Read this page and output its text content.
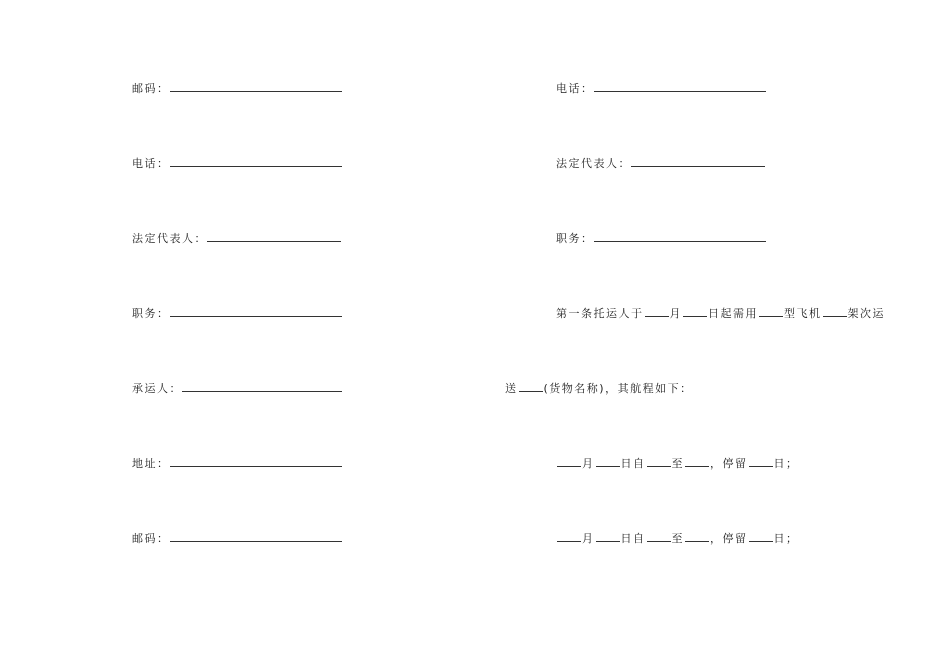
邮码：
电话：
法定代表人：
职务：
承运人：
地址：
邮码：
电话：
法定代表人：
职务：
第一条托运人于 月 日起需用 型飞机 架次运
送 (货物名称)，其航程如下：
月 日自 至 ，停留 日；
月 日自 至 ，停留 日；
